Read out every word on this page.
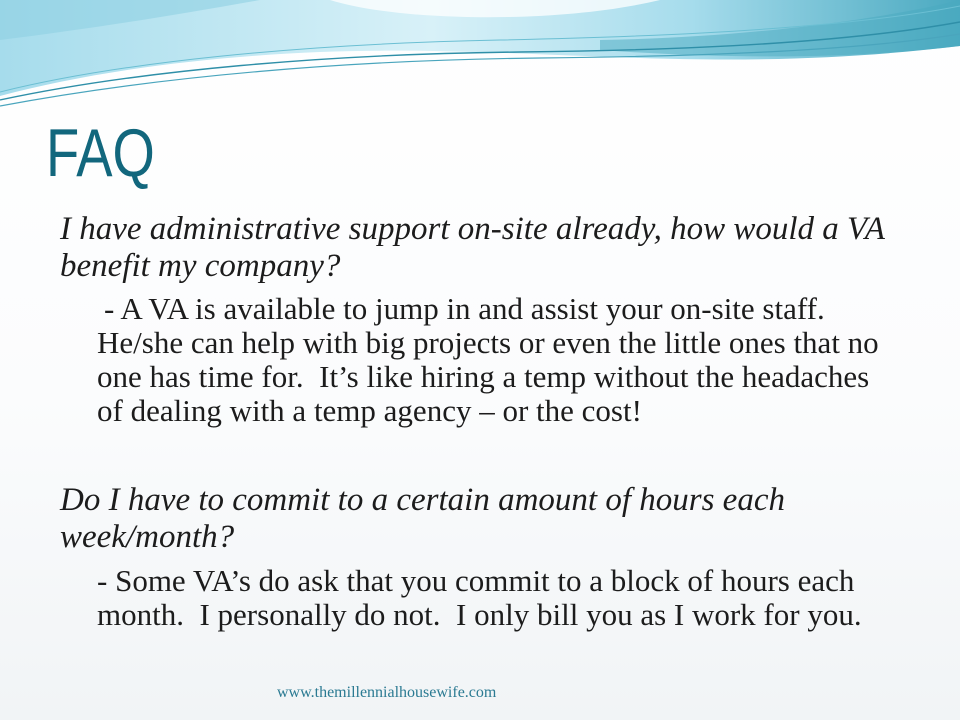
FAQ
I have administrative support on-site already, how would a VA
benefit my company?
- A VA is available to jump in and assist your on-site staff.
He/she can help with big projects or even the little ones that no
one has time for.  It’s like hiring a temp without the headaches
of dealing with a temp agency – or the cost!
Do I have to commit to a certain amount of hours each
week/month?
- Some VA’s do ask that you commit to a block of hours each
month.  I personally do not.  I only bill you as I work for you.
www.themillennialhousewife.com
